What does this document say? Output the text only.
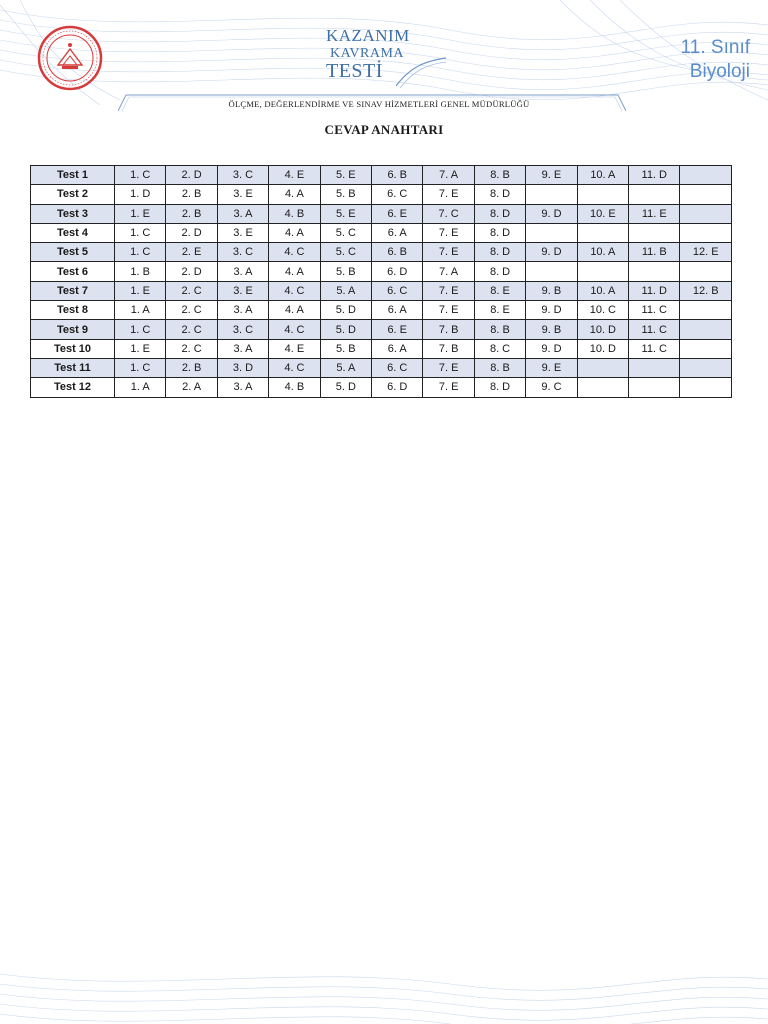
KAZANIM
KAVRAMA
TESTİ
11. Sınıf
Biyoloji
ÖLÇME, DEĞERLENDİRME VE SINAV HİZMETLERİ GENEL MÜDÜRLÜĞÜ
CEVAP ANAHTARI
Test 1	1. C	2. D	3. C	4. E	5. E	6. B	7. A	8. B	9. E	10. A	11. D	
Test 2	1. D	2. B	3. E	4. A	5. B	6. C	7. E	8. D				
Test 3	1. E	2. B	3. A	4. B	5. E	6. E	7. C	8. D	9. D	10. E	11. E	
Test 4	1. C	2. D	3. E	4. A	5. C	6. A	7. E	8. D				
Test 5	1. C	2. E	3. C	4. C	5. C	6. B	7. E	8. D	9. D	10. A	11. B	12. E
Test 6	1. B	2. D	3. A	4. A	5. B	6. D	7. A	8. D				
Test 7	1. E	2. C	3. E	4. C	5. A	6. C	7. E	8. E	9. B	10. A	11. D	12. B
Test 8	1. A	2. C	3. A	4. A	5. D	6. A	7. E	8. E	9. D	10. C	11. C	
Test 9	1. C	2. C	3. C	4. C	5. D	6. E	7. B	8. B	9. B	10. D	11. C	
Test 10	1. E	2. C	3. A	4. E	5. B	6. A	7. B	8. C	9. D	10. D	11. C	
Test 11	1. C	2. B	3. D	4. C	5. A	6. C	7. E	8. B	9. E			
Test 12	1. A	2. A	3. A	4. B	5. D	6. D	7. E	8. D	9. C			
